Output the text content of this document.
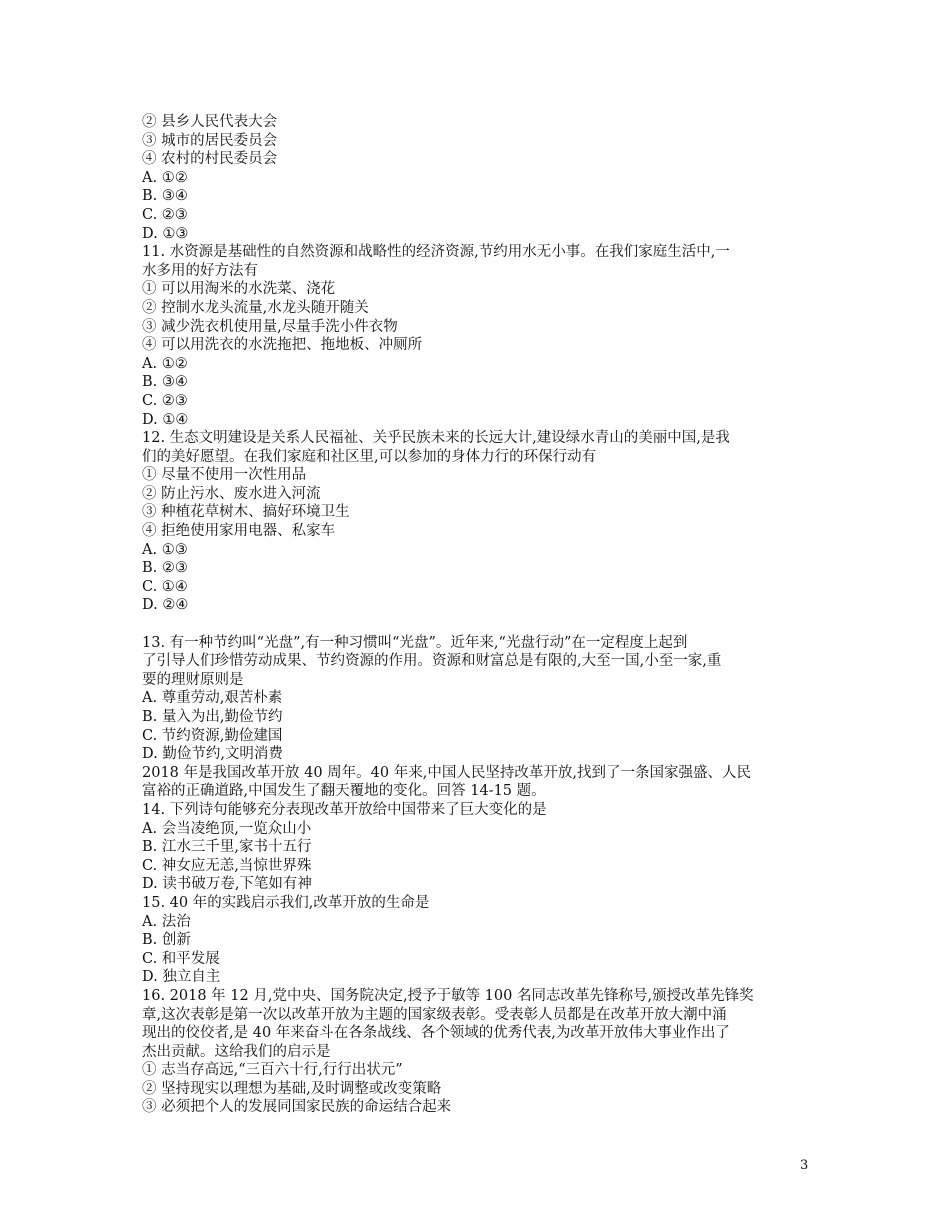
② 县乡人民代表大会
③ 城市的居民委员会
④ 农村的村民委员会
A. ①②
B. ③④
C. ②③
D. ①③
11. 水资源是基础性的自然资源和战略性的经济资源,节约用水无小事。在我们家庭生活中,一
水多用的好方法有
① 可以用淘米的水洗菜、浇花
② 控制水龙头流量,水龙头随开随关
③ 减少洗衣机使用量,尽量手洗小件衣物
④ 可以用洗衣的水洗拖把、拖地板、冲厕所
A. ①②
B. ③④
C. ②③
D. ①④
12. 生态文明建设是关系人民福祉、关乎民族未来的长远大计,建设绿水青山的美丽中国,是我
们的美好愿望。在我们家庭和社区里,可以参加的身体力行的环保行动有
① 尽量不使用一次性用品
② 防止污水、废水进入河流
③ 种植花草树木、搞好环境卫生
④ 拒绝使用家用电器、私家车
A. ①③
B. ②③
C. ①④
D. ②④
13. 有一种节约叫“光盘”,有一种习惯叫“光盘”。近年来,“光盘行动”在一定程度上起到
了引导人们珍惜劳动成果、节约资源的作用。资源和财富总是有限的,大至一国,小至一家,重
要的理财原则是
A. 尊重劳动,艰苦朴素
B. 量入为出,勤俭节约
C. 节约资源,勤俭建国
D. 勤俭节约,文明消费
2018 年是我国改革开放 40 周年。40 年来,中国人民坚持改革开放,找到了一条国家强盛、人民
富裕的正确道路,中国发生了翻天覆地的变化。回答 14-15 题。
14. 下列诗句能够充分表现改革开放给中国带来了巨大变化的是
A. 会当凌绝顶,一览众山小
B. 江水三千里,家书十五行
C. 神女应无恙,当惊世界殊
D. 读书破万卷,下笔如有神
15. 40 年的实践启示我们,改革开放的生命是
A. 法治
B. 创新
C. 和平发展
D. 独立自主
16. 2018 年 12 月,党中央、国务院决定,授予于敏等 100 名同志改革先锋称号,颁授改革先锋奖
章,这次表彰是第一次以改革开放为主题的国家级表彰。受表彰人员都是在改革开放大潮中涌
现出的佼佼者,是 40 年来奋斗在各条战线、各个领域的优秀代表,为改革开放伟大事业作出了
杰出贡献。这给我们的启示是
① 志当存高远,“三百六十行,行行出状元”
② 坚持现实以理想为基础,及时调整或改变策略
③ 必须把个人的发展同国家民族的命运结合起来
3
